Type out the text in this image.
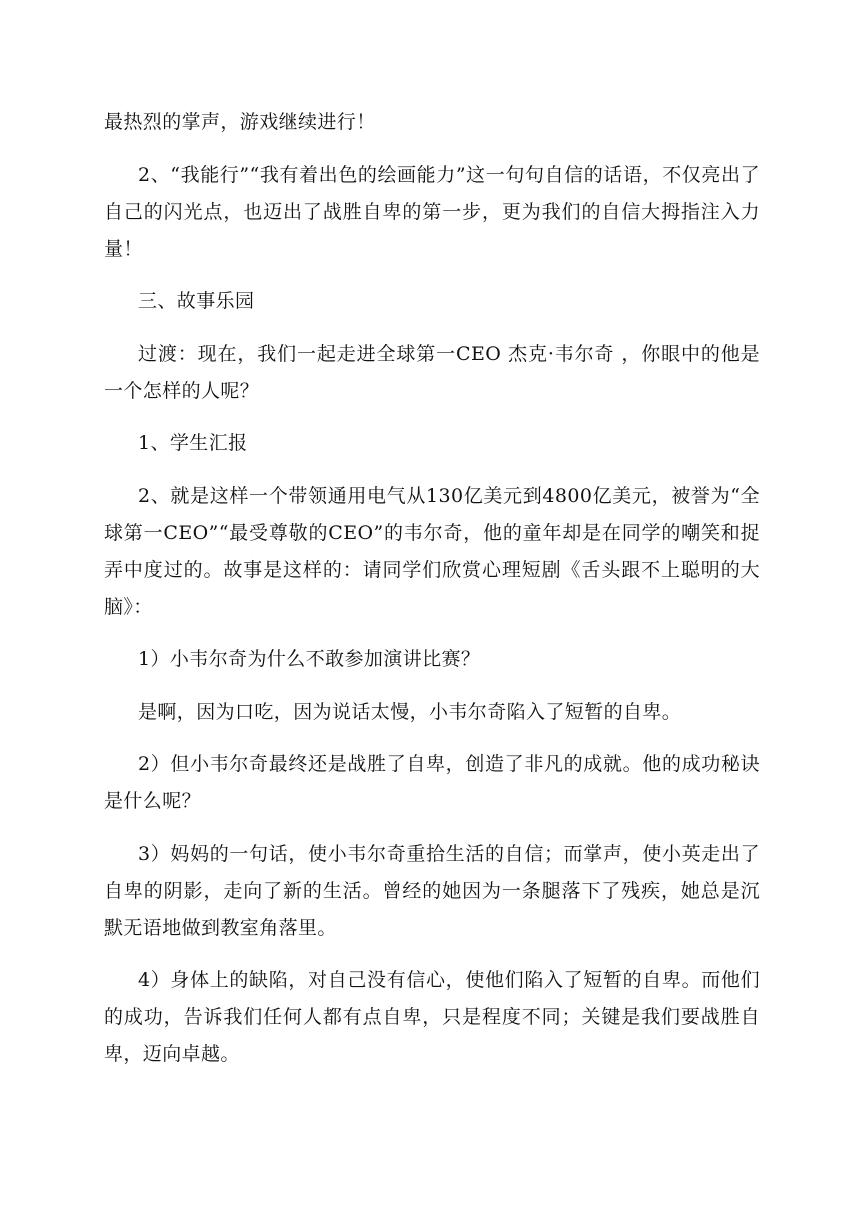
最热烈的掌声，游戏继续进行！

2、“我能行”“我有着出色的绘画能力”这一句句自信的话语，不仅亮出了自己的闪光点，也迈出了战胜自卑的第一步，更为我们的自信大拇指注入力量！

三、故事乐园

过渡：现在，我们一起走进全球第一CEO 杰克·韦尔奇 ，你眼中的他是一个怎样的人呢？

1、学生汇报

2、就是这样一个带领通用电气从130亿美元到4800亿美元，被誉为“全球第一CEO”“最受尊敬的CEO”的韦尔奇，他的童年却是在同学的嘲笑和捉弄中度过的。故事是这样的：请同学们欣赏心理短剧《舌头跟不上聪明的大脑》：

1）小韦尔奇为什么不敢参加演讲比赛？

是啊，因为口吃，因为说话太慢，小韦尔奇陷入了短暂的自卑。

2）但小韦尔奇最终还是战胜了自卑，创造了非凡的成就。他的成功秘诀是什么呢？

3）妈妈的一句话，使小韦尔奇重拾生活的自信；而掌声，使小英走出了自卑的阴影，走向了新的生活。曾经的她因为一条腿落下了残疾，她总是沉默无语地做到教室角落里。

4）身体上的缺陷，对自己没有信心，使他们陷入了短暂的自卑。而他们的成功，告诉我们任何人都有点自卑，只是程度不同；关键是我们要战胜自卑，迈向卓越。
